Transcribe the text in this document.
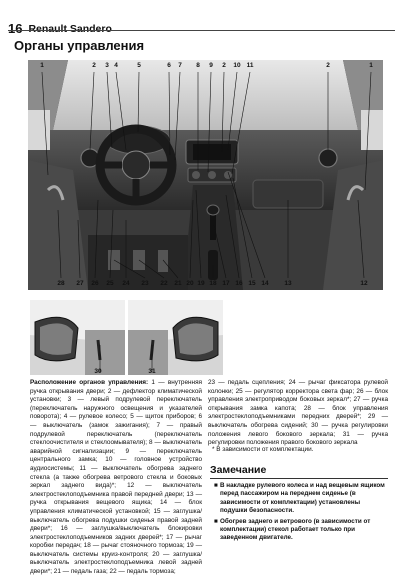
16 Renault Sandero
Органы управления
1	2	3 4	5	6	7	8	9	2	10 11	2	1
28	27	26	25	24	23	22	21 20 19 18 17 16 15 14	13	12
30	31
Расположение органов управления: 1 — внутренняя ручка открывания двери; 2 — дефлектор климатической установки; 3 — левый подрулевой переключатель (переключатель наружного освещения и указателей поворота); 4 — рулевое колесо; 5 — щиток приборов; 6 — выключатель (замок зажигания); 7 — правый подрулевой переключатель (переключатель стеклоочистителя и стеклоомывателя); 8 — выключатель аварийной сигнализации; 9 — переключатель центрального замка; 10 — головное устройство аудиосистемы; 11 — выключатель обогрева заднего стекла (а также обогрева ветрового стекла и боковых зеркал заднего вида)*; 12 — выключатель электростеклоподъемника правой передней двери; 13 — ручка открывания вещевого ящика; 14 — блок управления климатической установкой; 15 — заглушка/выключатель обогрева подушки сиденья правой задней двери*; 16 — заглушка/выключатель блокировки электростеклоподъемников задних дверей*; 17 — рычаг коробки передач; 18 — рычаг стояночного тормоза; 19 — выключатель системы круиз-контроля; 20 — заглушка/выключатель электростеклоподъемника левой задней двери*; 21 — педаль газа; 22 — педаль тормоза;
23 — педаль сцепления; 24 — рычаг фиксатора рулевой колонки; 25 — регулятор корректора света фар; 26 — блок управления электроприводом боковых зеркал*; 27 — ручка открывания замка капота; 28 — блок управления электростеклоподъемниками передних дверей*; 29 — выключатель обогрева сидений; 30 — ручка регулировки положения левого бокового зеркала; 31 — ручка регулировки положения правого бокового зеркала
* В зависимости от комплектации.
Замечание
■ В накладке рулевого колеса и над вещевым ящиком перед пассажиром на переднем сиденье (в зависимости от комплектации) установлены подушки безопасности.
■ Обогрев заднего и ветрового (в зависимости от комплектации) стекол работает только при заведенном двигателе.
